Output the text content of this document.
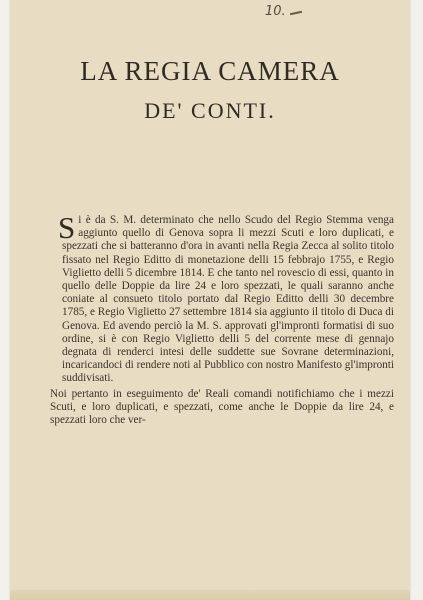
10.
LA REGIA CAMERA
DE' CONTI.

Si è da S. M. determinato che nello Scudo del Regio Stemma venga aggiunto quello di Genova sopra li mezzi Scuti e loro duplicati, e spezzati che si batteranno d'ora in avanti nella Regia Zecca al solito titolo fissato nel Regio Editto di monetazione delli 15 febbrajo 1755, e Regio Viglietto delli 5 dicembre 1814. E che tanto nel rovescio di essi, quanto in quello delle Doppie da lire 24 e loro spezzati, le quali saranno anche coniate al consueto titolo portato dal Regio Editto delli 30 decembre 1785, e Regio Viglietto 27 settembre 1814 sia aggiunto il titolo di Duca di Genova. Ed avendo perciò la M. S. approvati gl'impronti formatisi di suo ordine, si è con Regio Viglietto delli 5 del corrente mese di gennajo degnata di renderci intesi delle suddette sue Sovrane determinazioni, incaricandoci di rendere noti al Pubblico con nostro Manifesto gl'impronti suddivisati.

Noi pertanto in eseguimento de' Reali comandi notifichiamo che i mezzi Scuti, e loro duplicati, e spezzati, come anche le Doppie da lire 24, e spezzati loro che ver-
